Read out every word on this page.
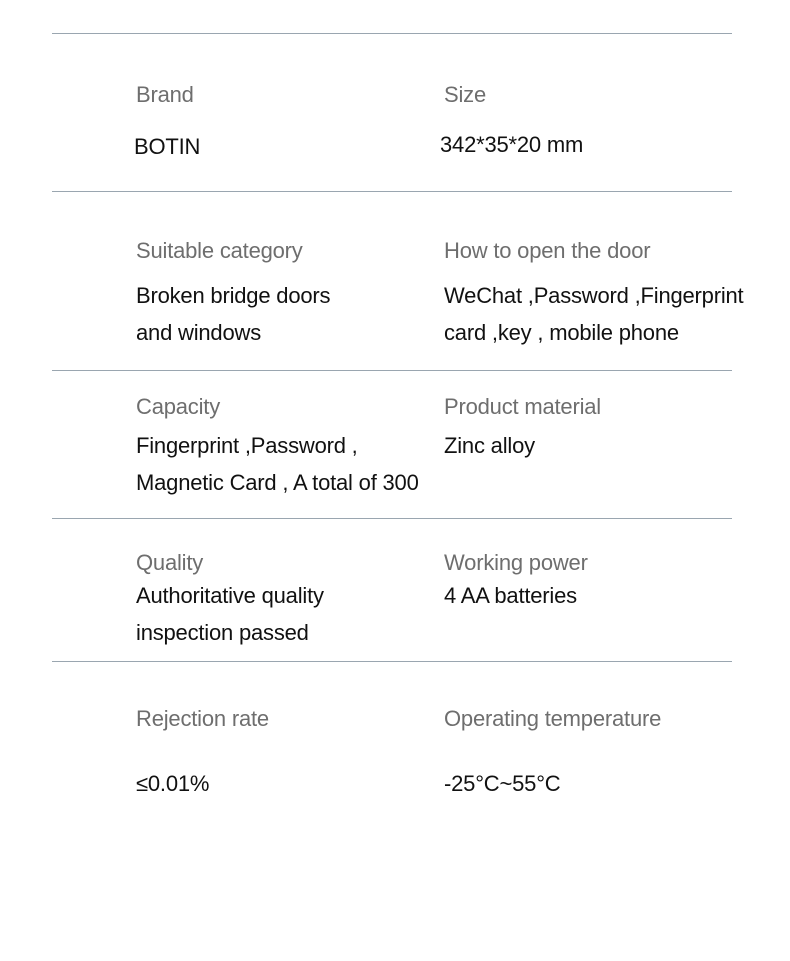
Brand
BOTIN
Size
342*35*20 mm
Suitable category
Broken bridge doors
and windows
How to open the door
WeChat ,Password ,Fingerprint
card ,key , mobile phone
Capacity
Fingerprint ,Password ,
Magnetic Card , A total of 300
Product material
Zinc alloy
Quality
Authoritative quality
inspection passed
Working power
4 AA batteries
Rejection rate
≤0.01%
Operating temperature
-25°C~55°C
